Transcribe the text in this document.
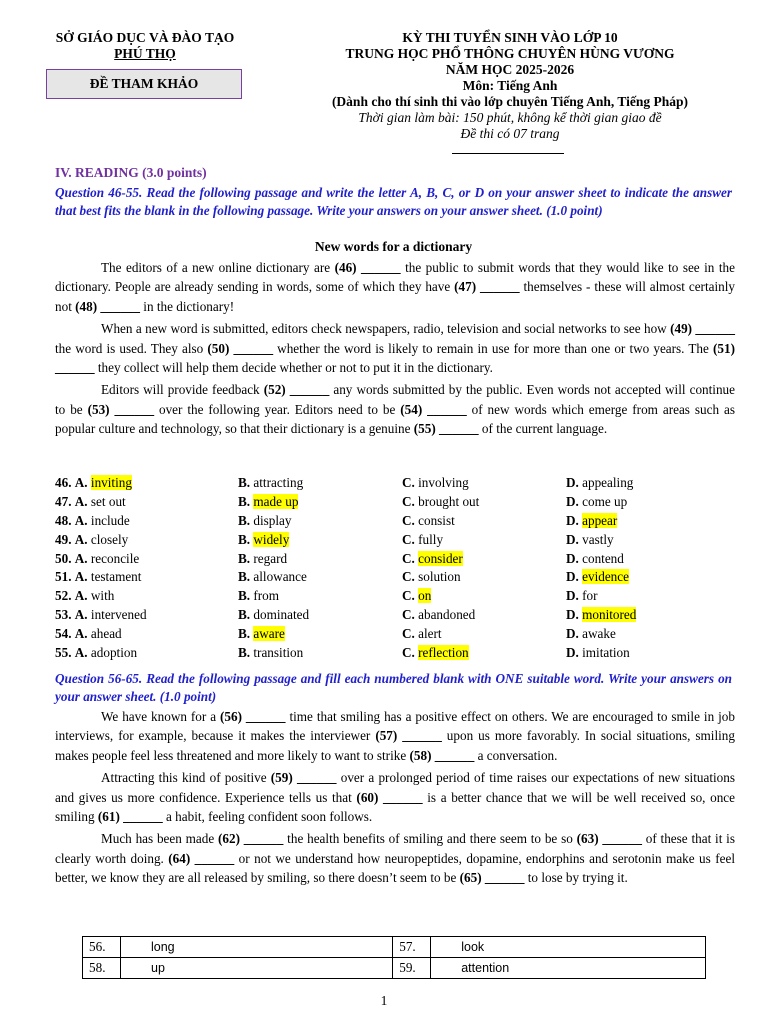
SỞ GIÁO DỤC VÀ ĐÀO TẠO
PHÚ THỌ
ĐỀ THAM KHẢO
KỲ THI TUYỂN SINH VÀO LỚP 10
TRUNG HỌC PHỔ THÔNG CHUYÊN HÙNG VƯƠNG
NĂM HỌC 2025-2026
Môn: Tiếng Anh
(Dành cho thí sinh thi vào lớp chuyên Tiếng Anh, Tiếng Pháp)
Thời gian làm bài: 150 phút, không kể thời gian giao đề
Đề thi có 07 trang
IV. READING (3.0 points)
Question 46-55. Read the following passage and write the letter A, B, C, or D on your answer sheet to indicate the answer that best fits the blank in the following passage. Write your answers on your answer sheet. (1.0 point)
New words for a dictionary

The editors of a new online dictionary are (46) ______ the public to submit words that they would like to see in the dictionary. People are already sending in words, some of which they have (47) ______ themselves - these will almost certainly not (48) ______ in the dictionary!

When a new word is submitted, editors check newspapers, radio, television and social networks to see how (49) ______ the word is used. They also (50) ______ whether the word is likely to remain in use for more than one or two years. The (51) ______ they collect will help them decide whether or not to put it in the dictionary.

Editors will provide feedback (52) ______ any words submitted by the public. Even words not accepted will continue to be (53) ______ over the following year. Editors need to be (54) ______ of new words which emerge from areas such as popular culture and technology, so that their dictionary is a genuine (55) ______ of the current language.

46. A. inviting	B. attracting	C. involving	D. appealing
47. A. set out	B. made up	C. brought out	D. come up
48. A. include	B. display	C. consist	D. appear
49. A. closely	B. widely	C. fully	D. vastly
50. A. reconcile	B. regard	C. consider	D. contend
51. A. testament	B. allowance	C. solution	D. evidence
52. A. with	B. from	C. on	D. for
53. A. intervened	B. dominated	C. abandoned	D. monitored
54. A. ahead	B. aware	C. alert	D. awake
55. A. adoption	B. transition	C. reflection	D. imitation
Question 56-65. Read the following passage and fill each numbered blank with ONE suitable word. Write your answers on your answer sheet. (1.0 point)

We have known for a (56) ______ time that smiling has a positive effect on others. We are encouraged to smile in job interviews, for example, because it makes the interviewer (57) ______ upon us more favorably. In social situations, smiling makes people feel less threatened and more likely to want to strike (58) ______ a conversation.

Attracting this kind of positive (59) ______ over a prolonged period of time raises our expectations of new situations and gives us more confidence. Experience tells us that (60) ______ is a better chance that we will be well received so, once smiling (61) ______ a habit, feeling confident soon follows.

Much has been made (62) ______ the health benefits of smiling and there seem to be so (63) ______ of these that it is clearly worth doing. (64) ______ or not we understand how neuropeptides, dopamine, endorphins and serotonin make us feel better, we know they are all released by smiling, so there doesn’t seem to be (65) ______ to lose by trying it.

56.	long	57.	look
58.	up	59.	attention
1
